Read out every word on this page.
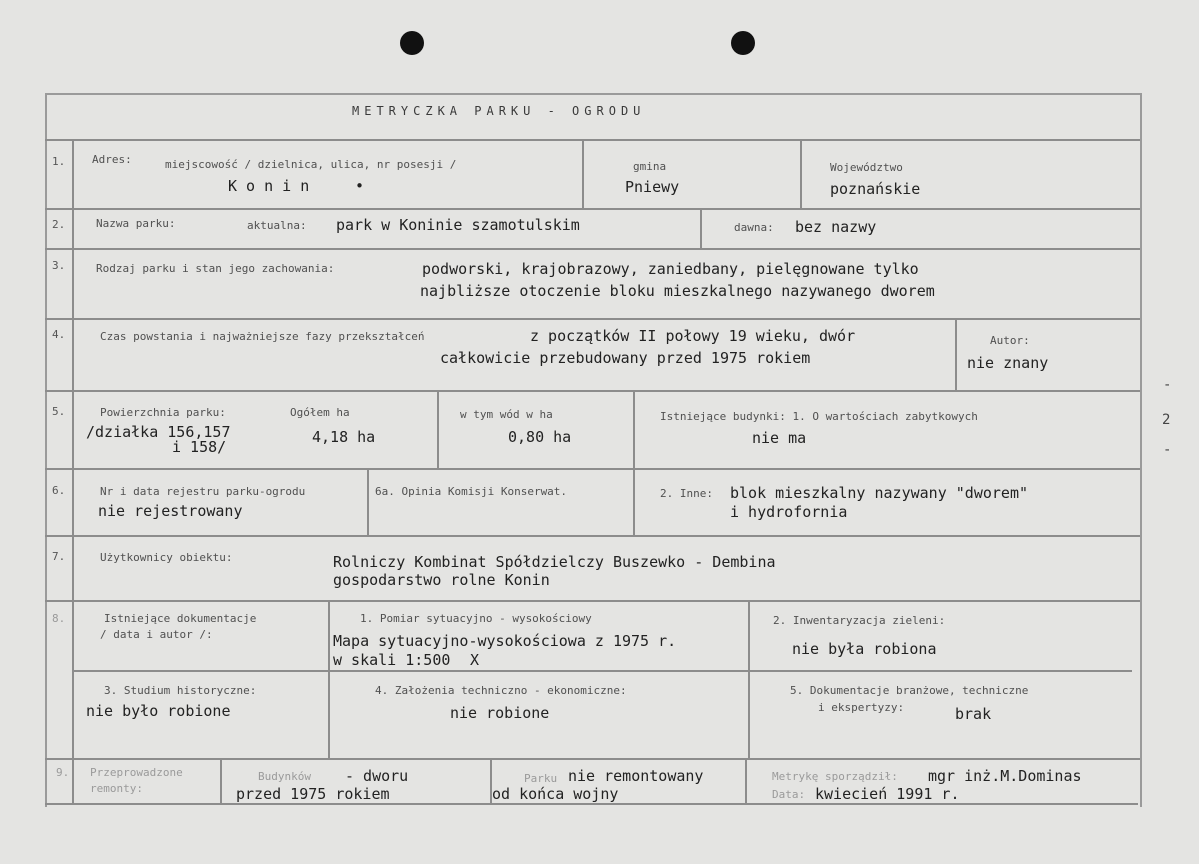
METRYCZKA PARKU - OGRODU
1. Adres:	miejscowość / dzielnica, ulica, nr posesji /
K o n i n	•
gmina
Pniewy
Województwo
poznańskie
2.	Nazwa parku:	aktualna: park w Koninie szamotulskim	dawna: bez nazwy
3.	Rodzaj parku i stan jego zachowania:	podworski, krajobrazowy, zaniedbany, pielęgnowane tylko
najbliższe otoczenie bloku mieszkalnego nazywanego dworem
4.	Czas powstania i najważniejsze fazy przekształceń	z początków II połowy 19 wieku, dwór
całkowicie przebudowany przed 1975 rokiem
Autor:
nie znany
5.	Powierzchnia parku:
/działka 156,157
i 158/
Ogółem ha
4,18 ha
w tym wód w ha
0,80 ha
Istniejące budynki: 1. O wartościach zabytkowych
nie ma
6.	Nr i data rejestru parku-ogrodu
nie rejestrowany
6a. Opinia Komisji Konserwat.	2. Inne: blok mieszkalny nazywany "dworem"
i hydrofornia
7.	Użytkownicy obiektu:	Rolniczy Kombinat Spółdzielczy Buszewko - Dembina
gospodarstwo rolne Konin
8.	Istniejące dokumentacje
/ data i autor /:
1. Pomiar sytuacyjno - wysokościowy
Mapa sytuacyjno-wysokościowa z 1975 r.
w skali 1:500 X
2. Inwentaryzacja zieleni:
nie była robiona
3. Studium historyczne:
nie było robione
4. Założenia techniczno - ekonomiczne:
nie robione
5. Dokumentacje branżowe, techniczne
i ekspertyzy:	brak
9. Przeprowadzone
remonty:
Budynków - dworu
przed 1975 rokiem
Parku nie remontowany
od końca wojny
Metrykę sporządził: mgr inż.M.Dominas
Data: kwiecień 1991 r.
-
2
-
